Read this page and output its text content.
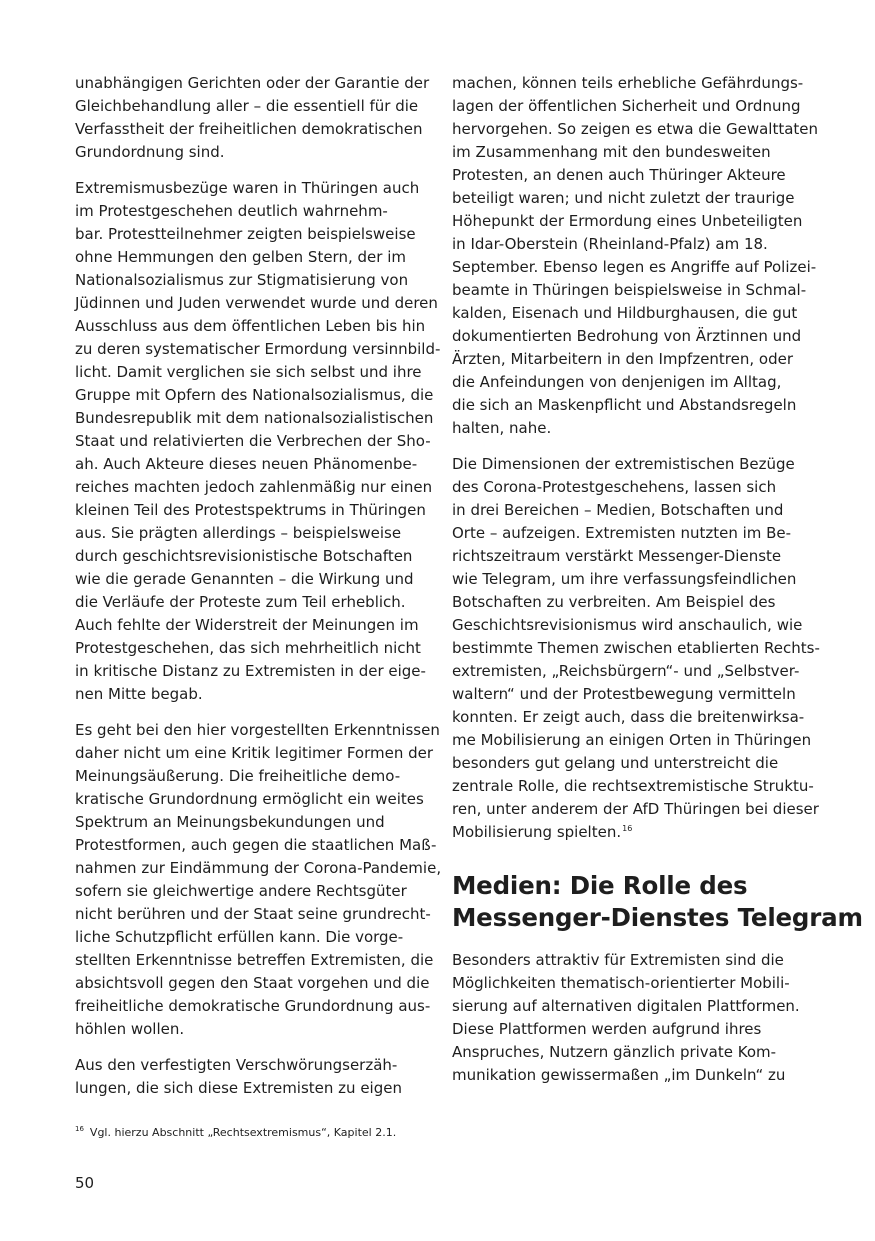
unabhängigen Gerichten oder der Garantie der
Gleichbehandlung aller – die essentiell für die
Verfasstheit der freiheitlichen demokratischen
Grundordnung sind.

Extremismusbezüge waren in Thüringen auch
im Protestgeschehen deutlich wahrnehm-
bar. Protestteilnehmer zeigten beispielsweise
ohne Hemmungen den gelben Stern, der im
Nationalsozialismus zur Stigmatisierung von
Jüdinnen und Juden verwendet wurde und deren
Ausschluss aus dem öffentlichen Leben bis hin
zu deren systematischer Ermordung versinnbild-
licht. Damit verglichen sie sich selbst und ihre
Gruppe mit Opfern des Nationalsozialismus, die
Bundesrepublik mit dem nationalsozialistischen
Staat und relativierten die Verbrechen der Sho-
ah. Auch Akteure dieses neuen Phänomenbe-
reiches machten jedoch zahlenmäßig nur einen
kleinen Teil des Protestspektrums in Thüringen
aus. Sie prägten allerdings – beispielsweise
durch geschichtsrevisionistische Botschaften
wie die gerade Genannten – die Wirkung und
die Verläufe der Proteste zum Teil erheblich.
Auch fehlte der Widerstreit der Meinungen im
Protestgeschehen, das sich mehrheitlich nicht
in kritische Distanz zu Extremisten in der eige-
nen Mitte begab.

Es geht bei den hier vorgestellten Erkenntnissen
daher nicht um eine Kritik legitimer Formen der
Meinungsäußerung. Die freiheitliche demo-
kratische Grundordnung ermöglicht ein weites
Spektrum an Meinungsbekundungen und
Protestformen, auch gegen die staatlichen Maß-
nahmen zur Eindämmung der Corona-Pandemie,
sofern sie gleichwertige andere Rechtsgüter
nicht berühren und der Staat seine grundrecht-
liche Schutzpflicht erfüllen kann. Die vorge-
stellten Erkenntnisse betreffen Extremisten, die
absichtsvoll gegen den Staat vorgehen und die
freiheitliche demokratische Grundordnung aus-
höhlen wollen.

Aus den verfestigten Verschwörungserzäh-
lungen, die sich diese Extremisten zu eigen

machen, können teils erhebliche Gefährdungs-
lagen der öffentlichen Sicherheit und Ordnung
hervorgehen. So zeigen es etwa die Gewalttaten
im Zusammenhang mit den bundesweiten
Protesten, an denen auch Thüringer Akteure
beteiligt waren; und nicht zuletzt der traurige
Höhepunkt der Ermordung eines Unbeteiligten
in Idar-Oberstein (Rheinland-Pfalz) am 18.
September. Ebenso legen es Angriffe auf Polizei-
beamte in Thüringen beispielsweise in Schmal-
kalden, Eisenach und Hildburghausen, die gut
dokumentierten Bedrohung von Ärztinnen und
Ärzten, Mitarbeitern in den Impfzentren, oder
die Anfeindungen von denjenigen im Alltag,
die sich an Maskenpflicht und Abstandsregeln
halten, nahe.

Die Dimensionen der extremistischen Bezüge
des Corona-Protestgeschehens, lassen sich
in drei Bereichen – Medien, Botschaften und
Orte – aufzeigen. Extremisten nutzten im Be-
richtszeitraum verstärkt Messenger-Dienste
wie Telegram, um ihre verfassungsfeindlichen
Botschaften zu verbreiten. Am Beispiel des
Geschichtsrevisionismus wird anschaulich, wie
bestimmte Themen zwischen etablierten Rechts-
extremisten, „Reichsbürgern“- und „Selbstver-
waltern“ und der Protestbewegung vermitteln
konnten. Er zeigt auch, dass die breitenwirksa-
me Mobilisierung an einigen Orten in Thüringen
besonders gut gelang und unterstreicht die
zentrale Rolle, die rechtsextremistische Struktu-
ren, unter anderem der AfD Thüringen bei dieser
Mobilisierung spielten.$^{16}$

Medien: Die Rolle des
Messenger-Dienstes Telegram

Besonders attraktiv für Extremisten sind die
Möglichkeiten thematisch-orientierter Mobili-
sierung auf alternativen digitalen Plattformen.
Diese Plattformen werden aufgrund ihres
Anspruches, Nutzern gänzlich private Kom-
munikation gewissermaßen „im Dunkeln“ zu

$^{16}$ Vgl. hierzu Abschnitt „Rechtsextremismus“, Kapitel 2.1.
50
